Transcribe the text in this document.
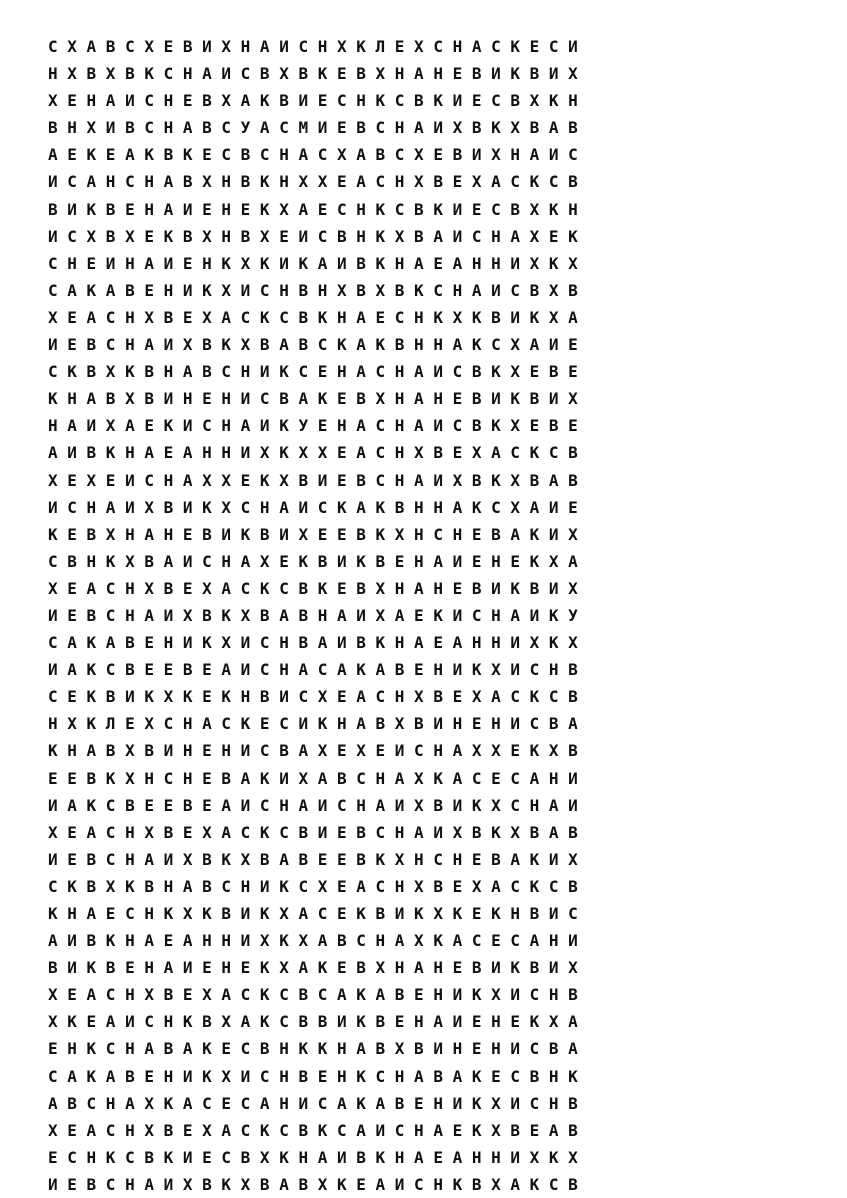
С Х А В С Х Е В И Х Н А И С Н Х К Л Е Х С Н А С К Е С И
Н Х В Х В К С Н А И С В Х В К Е В Х Н А Н Е В И К В И Х
Х Е Н А И С Н Е В Х А К В И Е С Н К С В К И Е С В Х К Н
В Н Х И В С Н А В С У А С М И Е В С Н А И Х В К Х В А В
А Е К Е А К В К Е С В С Н А С Х А В С Х Е В И Х Н А И С
И С А Н С Н А В Х Н В К Н Х Х Е А С Н Х В Е Х А С К С В
В И К В Е Н А И Е Н Е К Х А Е С Н К С В К И Е С В Х К Н
И С Х В Х Е К В Х Н В Х Е И С В Н К Х В А И С Н А Х Е К
С Н Е И Н А И Е Н К Х К И К А И В К Н А Е А Н Н И Х К Х
С А К А В Е Н И К Х И С Н В Н Х В Х В К С Н А И С В Х В
Х Е А С Н Х В Е Х А С К С В К Н А Е С Н К Х К В И К Х А
И Е В С Н А И Х В К Х В А В С К А К В Н Н А К С Х А И Е
С К В Х К В Н А В С Н И К С Е Н А С Н А И С В К Х Е В Е
К Н А В Х В И Н Е Н И С В А К Е В Х Н А Н Е В И К В И Х
Н А И Х А Е К И С Н А И К У Е Н А С Н А И С В К Х Е В Е
А И В К Н А Е А Н Н И Х К Х Х Е А С Н Х В Е Х А С К С В
Х Е Х Е И С Н А Х Х Е К Х В И Е В С Н А И Х В К Х В А В
И С Н А И Х В И К Х С Н А И С К А К В Н Н А К С Х А И Е
К Е В Х Н А Н Е В И К В И Х Е Е В К Х Н С Н Е В А К И Х
С В Н К Х В А И С Н А Х Е К В И К В Е Н А И Е Н Е К Х А
Х Е А С Н Х В Е Х А С К С В К Е В Х Н А Н Е В И К В И Х
И Е В С Н А И Х В К Х В А В Н А И Х А Е К И С Н А И К У
С А К А В Е Н И К Х И С Н В А И В К Н А Е А Н Н И Х К Х
И А К С В Е Е В Е А И С Н А С А К А В Е Н И К Х И С Н В
С Е К В И К Х К Е К Н В И С Х Е А С Н Х В Е Х А С К С В
Н Х К Л Е Х С Н А С К Е С И К Н А В Х В И Н Е Н И С В А
К Н А В Х В И Н Е Н И С В А Х Е Х Е И С Н А Х Х Е К Х В
Е Е В К Х Н С Н Е В А К И Х А В С Н А Х К А С Е С А Н И
И А К С В Е Е В Е А И С Н А И С Н А И Х В И К Х С Н А И
Х Е А С Н Х В Е Х А С К С В И Е В С Н А И Х В К Х В А В
И Е В С Н А И Х В К Х В А В Е Е В К Х Н С Н Е В А К И Х
С К В Х К В Н А В С Н И К С Х Е А С Н Х В Е Х А С К С В
К Н А Е С Н К Х К В И К Х А С Е К В И К Х К Е К Н В И С
А И В К Н А Е А Н Н И Х К Х А В С Н А Х К А С Е С А Н И
В И К В Е Н А И Е Н Е К Х А К Е В Х Н А Н Е В И К В И Х
Х Е А С Н Х В Е Х А С К С В С А К А В Е Н И К Х И С Н В
Х К Е А И С Н К В Х А К С В В И К В Е Н А И Е Н Е К Х А
Е Н К С Н А В А К Е С В Н К К Н А В Х В И Н Е Н И С В А
С А К А В Е Н И К Х И С Н В Е Н К С Н А В А К Е С В Н К
А В С Н А Х К А С Е С А Н И С А К А В Е Н И К Х И С Н В
Х Е А С Н Х В Е Х А С К С В К С А И С Н А Е К Х В Е А В
Е С Н К С В К И Е С В Х К Н А И В К Н А Е А Н Н И Х К Х
И Е В С Н А И Х В К Х В А В Х К Е А И С Н К В Х А К С В
